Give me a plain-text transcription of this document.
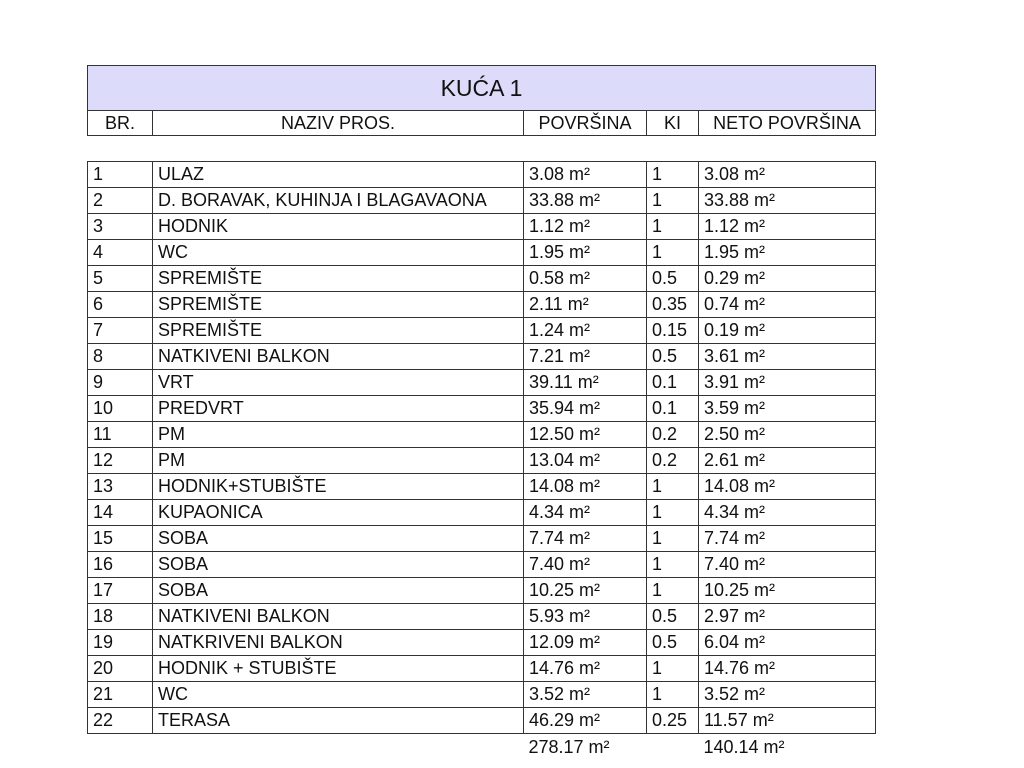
KUĆA 1
BR.	NAZIV PROS.	POVRŠINA	KI	NETO POVRŠINA
1	ULAZ	3.08 m²	1	3.08 m²
2	D. BORAVAK, KUHINJA I BLAGAVAONA	33.88 m²	1	33.88 m²
3	HODNIK	1.12 m²	1	1.12 m²
4	WC	1.95 m²	1	1.95 m²
5	SPREMIŠTE	0.58 m²	0.5	0.29 m²
6	SPREMIŠTE	2.11 m²	0.35	0.74 m²
7	SPREMIŠTE	1.24 m²	0.15	0.19 m²
8	NATKIVENI BALKON	7.21 m²	0.5	3.61 m²
9	VRT	39.11 m²	0.1	3.91 m²
10	PREDVRT	35.94 m²	0.1	3.59 m²
11	PM	12.50 m²	0.2	2.50 m²
12	PM	13.04 m²	0.2	2.61 m²
13	HODNIK+STUBIŠTE	14.08 m²	1	14.08 m²
14	KUPAONICA	4.34 m²	1	4.34 m²
15	SOBA	7.74 m²	1	7.74 m²
16	SOBA	7.40 m²	1	7.40 m²
17	SOBA	10.25 m²	1	10.25 m²
18	NATKIVENI BALKON	5.93 m²	0.5	2.97 m²
19	NATKRIVENI BALKON	12.09 m²	0.5	6.04 m²
20	HODNIK + STUBIŠTE	14.76 m²	1	14.76 m²
21	WC	3.52 m²	1	3.52 m²
22	TERASA	46.29 m²	0.25	11.57 m²
		278.17 m²		140.14 m²
